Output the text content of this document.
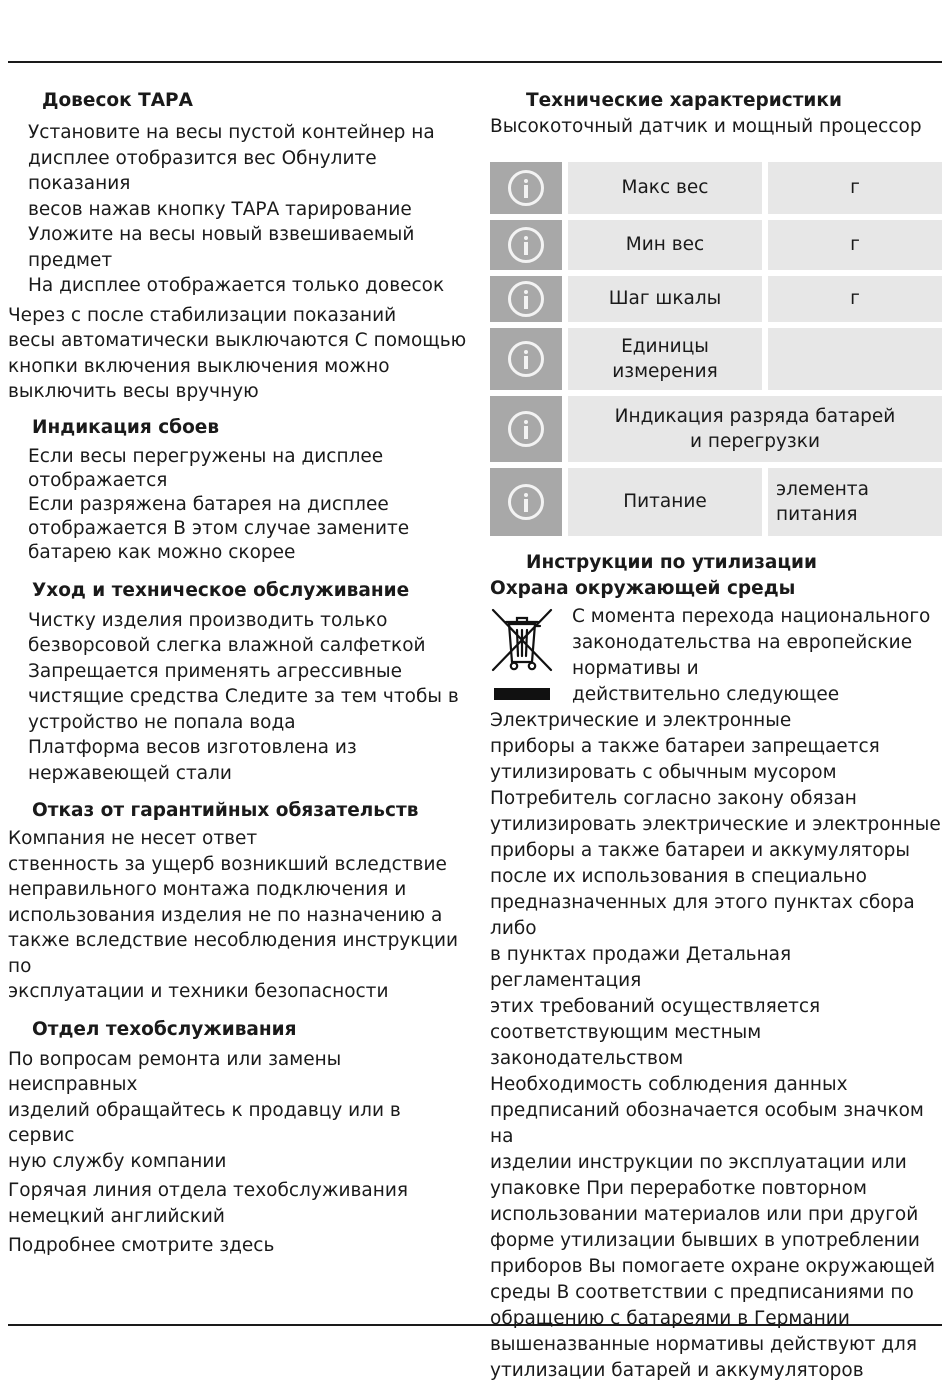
Довесок ТАРА

Установите на весы пустой контейнер на
дисплее отобразится вес Обнулите показания
весов нажав кнопку ТАРА тарирование
Уложите на весы новый взвешиваемый предмет
На дисплее отображается только довесок

Через с после стабилизации показаний
весы автоматически выключаются С помощью
кнопки включения выключения можно
выключить весы вручную

Индикация сбоев

Если весы перегружены на дисплее
отображается
Если разряжена батарея на дисплее
отображается В этом случае замените
батарею как можно скорее

Уход и техническое обслуживание

Чистку изделия производить только
безворсовой слегка влажной салфеткой
Запрещается применять агрессивные
чистящие средства Следите за тем чтобы в
устройство не попала вода
Платформа весов изготовлена из
нержавеющей стали

Отказ от гарантийных обязательств

Компания не несет ответ
ственность за ущерб возникший вследствие
неправильного монтажа подключения и
использования изделия не по назначению а
также вследствие несоблюдения инструкции по
эксплуатации и техники безопасности

Отдел техобслуживания

По вопросам ремонта или замены неисправных
изделий обращайтесь к продавцу или в сервис
ную службу компании

Горячая линия отдела техобслуживания
немецкий английский

Подробнее смотрите здесь

Технические характеристики

Высокоточный датчик и мощный процессор

	Макс вес	г

	Мин вес	г

	Шаг шкалы	г

	Единицы
измерения	

	Индикация разряда батарей
и перегрузки	

	Питание	элемента
питания

Инструкции по утилизации

Охрана окружающей среды

С момента перехода национального
законодательства на европейские
нормативы и
действительно следующее
Электрические и электронные

приборы а также батареи запрещается
утилизировать с обычным мусором
Потребитель согласно закону обязан
утилизировать электрические и электронные
приборы а также батареи и аккумуляторы
после их использования в специально
предназначенных для этого пунктах сбора либо
в пунктах продажи Детальная регламентация
этих требований осуществляется
соответствующим местным законодательством
Необходимость соблюдения данных
предписаний обозначается особым значком на
изделии инструкции по эксплуатации или
упаковке При переработке повторном
использовании материалов или при другой
форме утилизации бывших в употреблении
приборов Вы помогаете охране окружающей
среды В соответствии с предписаниями по
обращению с батареями в Германии
вышеназванные нормативы действуют для
утилизации батарей и аккумуляторов
